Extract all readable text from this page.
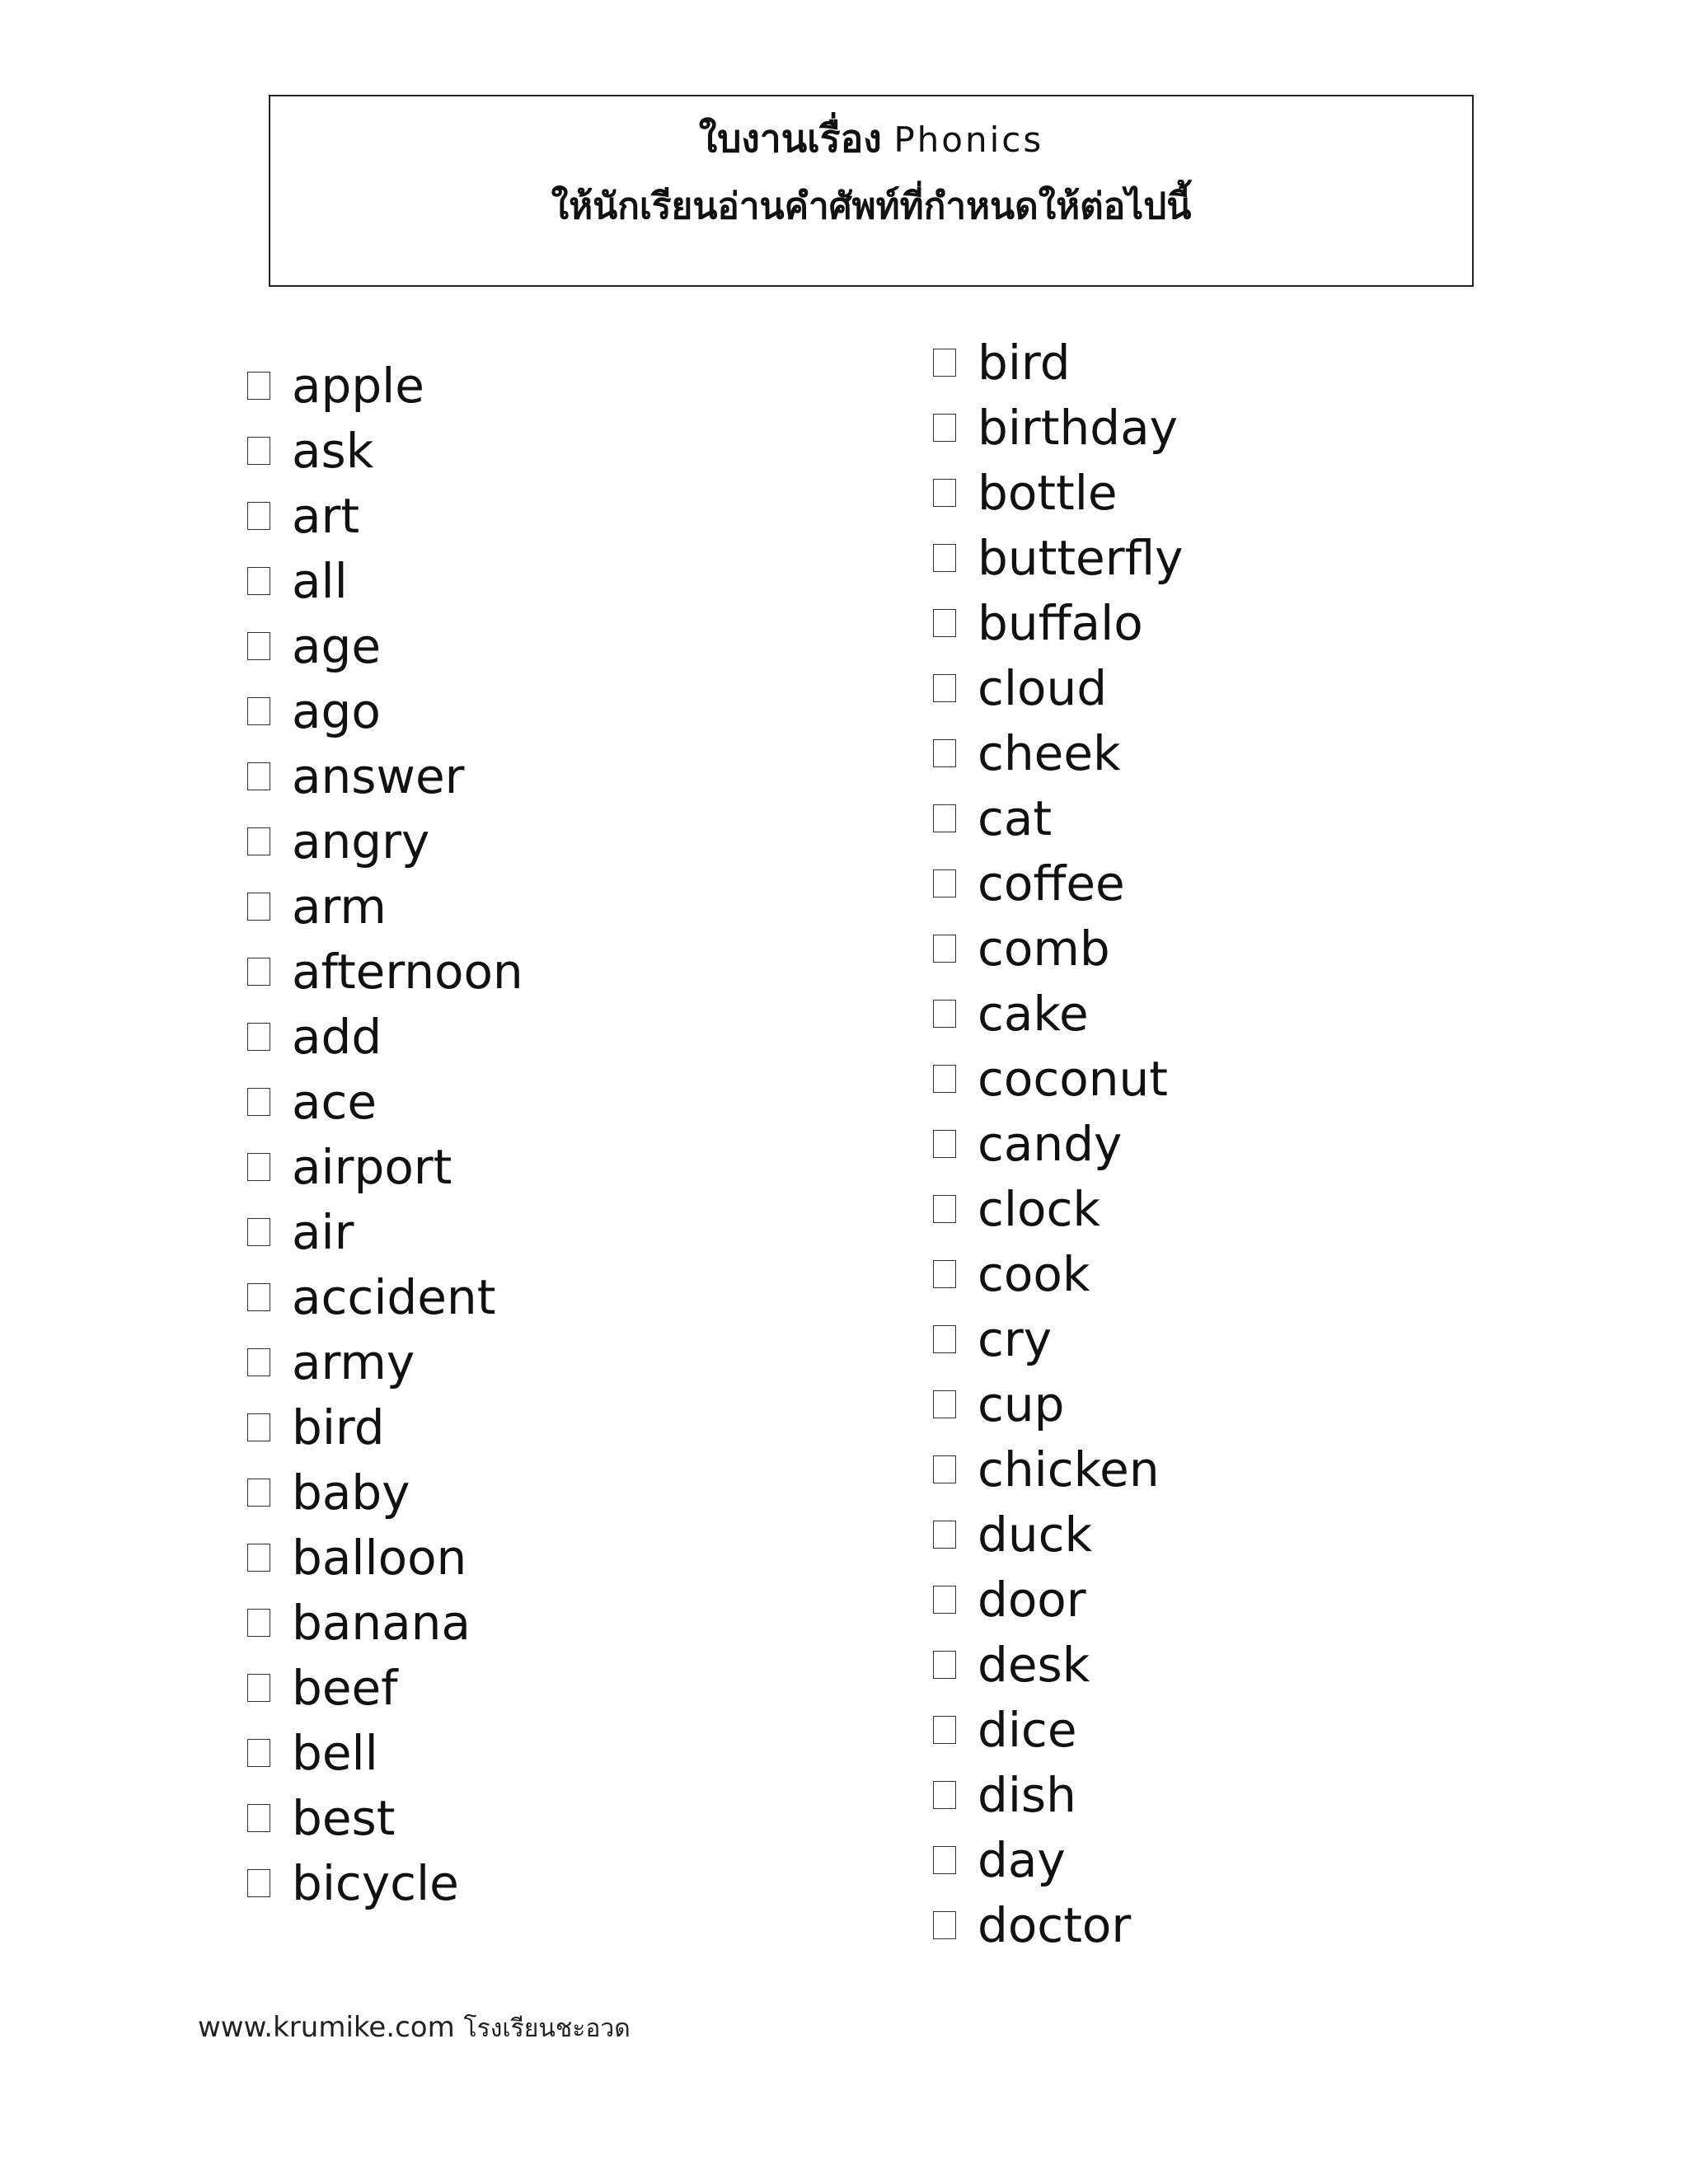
ใบงานเรื่อง Phonics
ให้นักเรียนอ่านคำศัพท์ที่กำหนดให้ต่อไปนี้
apple
ask
art
all
age
ago
answer
angry
arm
afternoon
add
ace
airport
air
accident
army
bird
baby
balloon
banana
beef
bell
best
bicycle
bird
birthday
bottle
butterfly
buffalo
cloud
cheek
cat
coffee
comb
cake
coconut
candy
clock
cook
cry
cup
chicken
duck
door
desk
dice
dish
day
doctor
www.krumike.com โรงเรียนชะอวด
